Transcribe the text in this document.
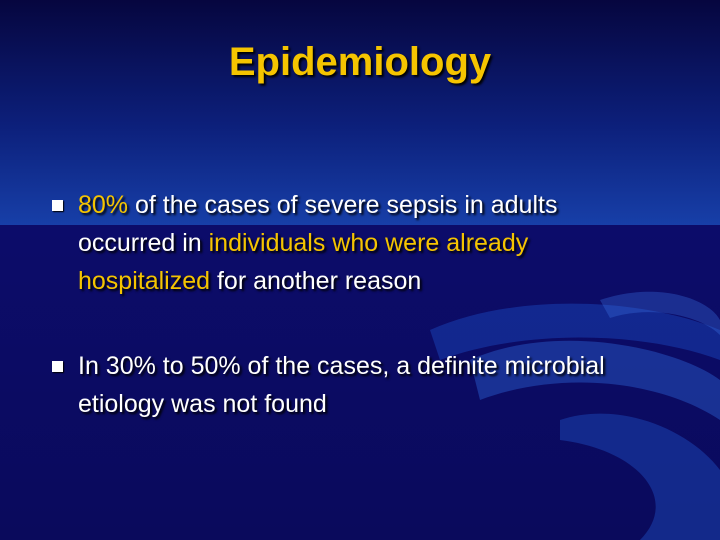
Epidemiology
80% of the cases of severe sepsis in adults occurred in individuals who were already hospitalized for another reason
In 30% to 50% of the cases, a definite microbial etiology was not found
